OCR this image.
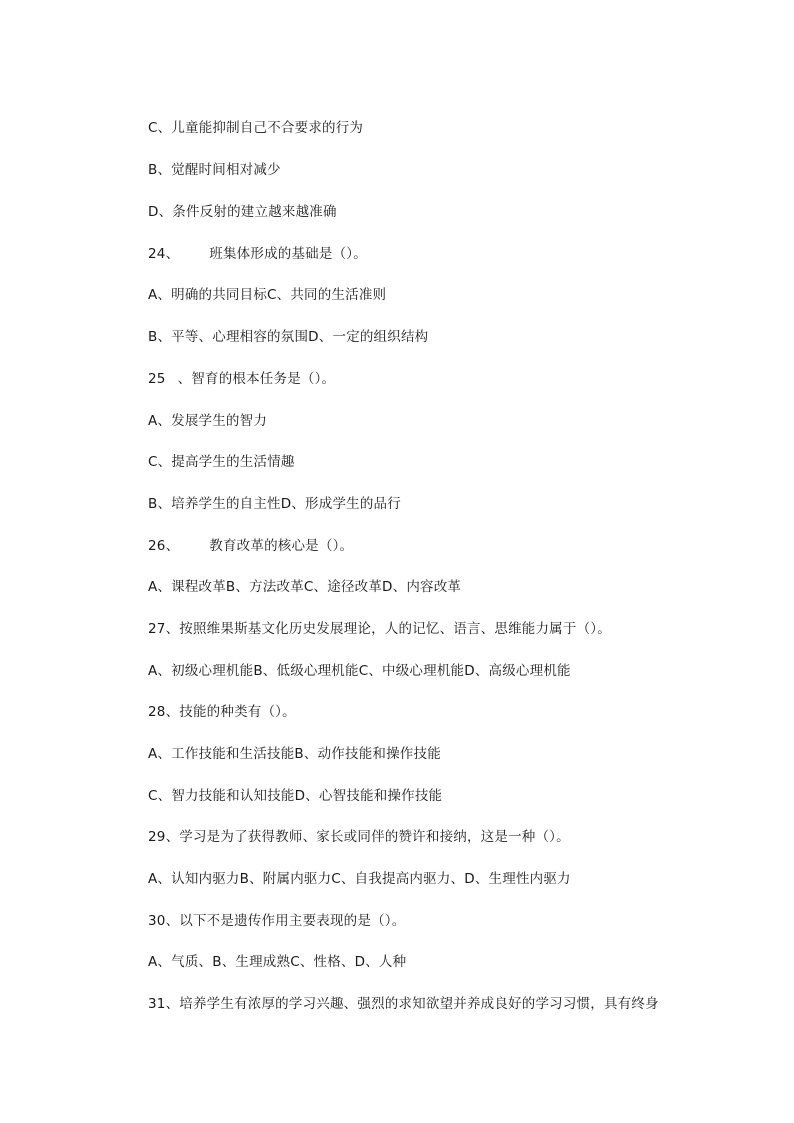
C、儿童能抑制自己不合要求的行为
B、觉醒时间相对减少
D、条件反射的建立越来越准确
24、 班集体形成的基础是（）。
A、明确的共同目标C、共同的生活准则
B、平等、心理相容的氛围D、一定的组织结构
25 、智育的根本任务是（）。
A、发展学生的智力
C、提高学生的生活情趣
B、培养学生的自主性D、形成学生的品行
26、 教育改革的核心是（）。
A、课程改革B、方法改革C、途径改革D、内容改革
27、按照维果斯基文化历史发展理论，人的记忆、语言、思维能力属于（）。
A、初级心理机能B、低级心理机能C、中级心理机能D、高级心理机能
28、技能的种类有（）。
A、工作技能和生活技能B、动作技能和操作技能
C、智力技能和认知技能D、心智技能和操作技能
29、学习是为了获得教师、家长或同伴的赞许和接纳，这是一种（）。
A、认知内驱力B、附属内驱力C、自我提高内驱力、D、生理性内驱力
30、以下不是遗传作用主要表现的是（）。
A、气质、B、生理成熟C、性格、D、人种
31、培养学生有浓厚的学习兴趣、强烈的求知欲望并养成良好的学习习惯，具有终身
